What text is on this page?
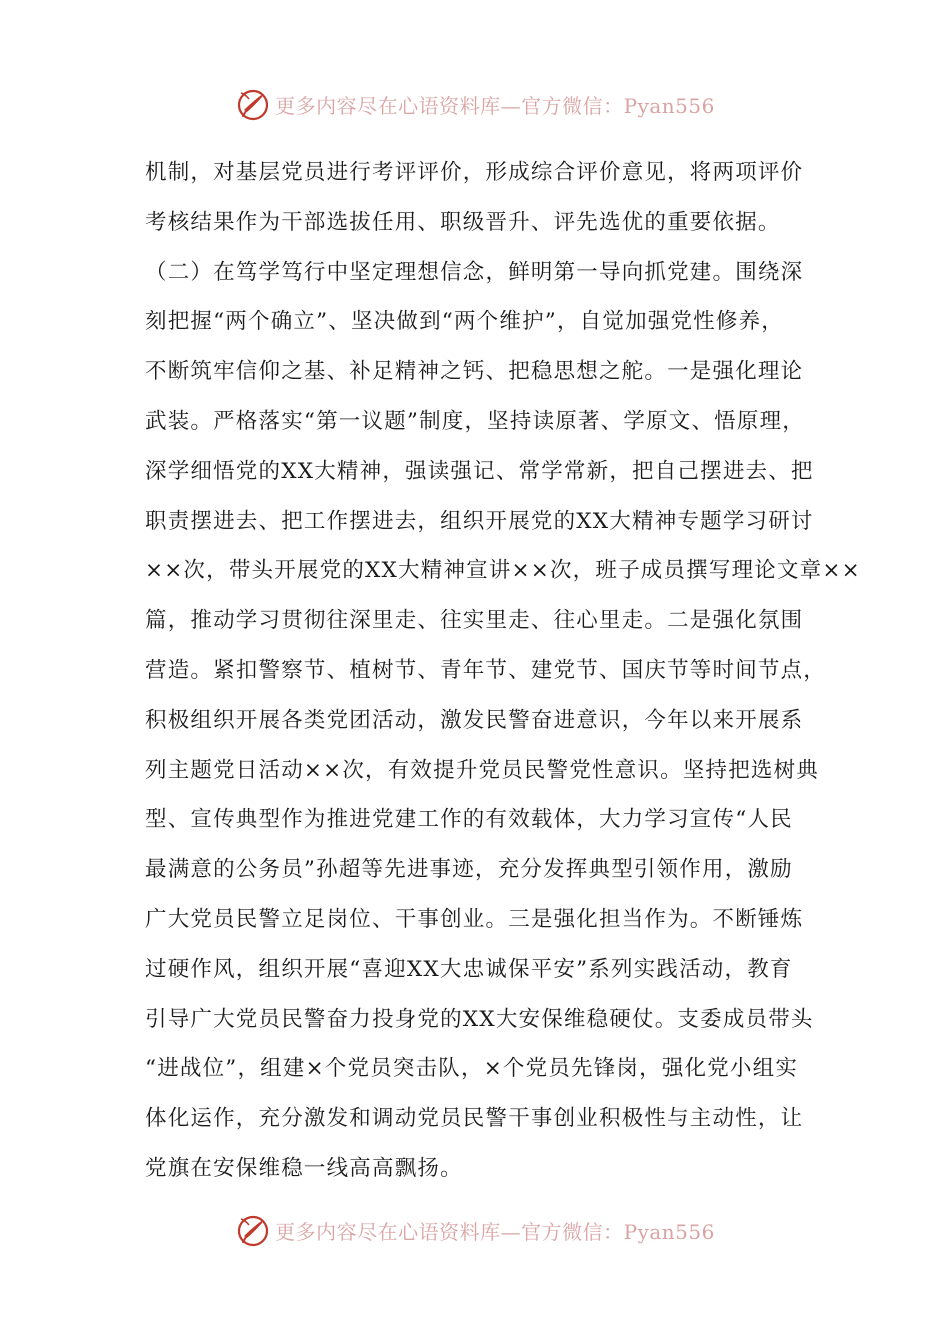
更多内容尽在心语资料库—官方微信：Pyan556
机制，对基层党员进行考评评价，形成综合评价意见，将两项评价
考核结果作为干部选拔任用、职级晋升、评先选优的重要依据。
（二）在笃学笃行中坚定理想信念，鲜明第一导向抓党建。围绕深
刻把握“两个确立”、坚决做到“两个维护”，自觉加强党性修养，
不断筑牢信仰之基、补足精神之钙、把稳思想之舵。一是强化理论
武装。严格落实“第一议题”制度，坚持读原著、学原文、悟原理，
深学细悟党的XX大精神，强读强记、常学常新，把自己摆进去、把
职责摆进去、把工作摆进去，组织开展党的XX大精神专题学习研讨
××次，带头开展党的XX大精神宣讲××次，班子成员撰写理论文章××
篇，推动学习贯彻往深里走、往实里走、往心里走。二是强化氛围
营造。紧扣警察节、植树节、青年节、建党节、国庆节等时间节点，
积极组织开展各类党团活动，激发民警奋进意识，今年以来开展系
列主题党日活动××次，有效提升党员民警党性意识。坚持把选树典
型、宣传典型作为推进党建工作的有效载体，大力学习宣传“人民
最满意的公务员”孙超等先进事迹，充分发挥典型引领作用，激励
广大党员民警立足岗位、干事创业。三是强化担当作为。不断锤炼
过硬作风，组织开展“喜迎XX大忠诚保平安”系列实践活动，教育
引导广大党员民警奋力投身党的XX大安保维稳硬仗。支委成员带头
“进战位”，组建×个党员突击队，×个党员先锋岗，强化党小组实
体化运作，充分激发和调动党员民警干事创业积极性与主动性，让
党旗在安保维稳一线高高飘扬。
更多内容尽在心语资料库—官方微信：Pyan556
